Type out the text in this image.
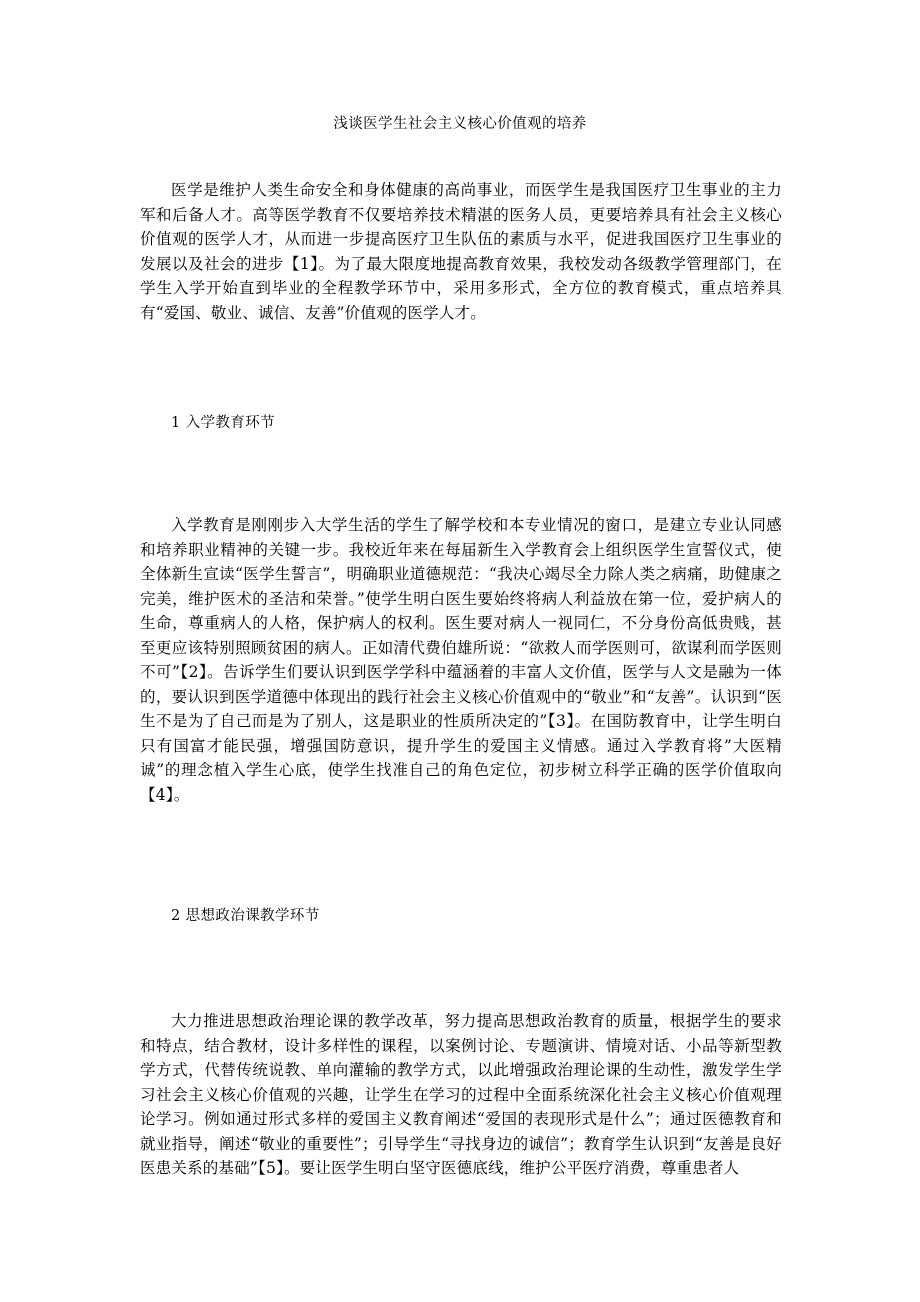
浅谈医学生社会主义核心价值观的培养

医学是维护人类生命安全和身体健康的高尚事业，而医学生是我国医疗卫生事业的主力军和后备人才。高等医学教育不仅要培养技术精湛的医务人员，更要培养具有社会主义核心价值观的医学人才，从而进一步提高医疗卫生队伍的素质与水平，促进我国医疗卫生事业的发展以及社会的进步【1】。为了最大限度地提高教育效果，我校发动各级教学管理部门，在学生入学开始直到毕业的全程教学环节中，采用多形式，全方位的教育模式，重点培养具有“爱国、敬业、诚信、友善”价值观的医学人才。

1 入学教育环节

入学教育是刚刚步入大学生活的学生了解学校和本专业情况的窗口，是建立专业认同感和培养职业精神的关键一步。我校近年来在每届新生入学教育会上组织医学生宣誓仪式，使全体新生宣读“医学生誓言”，明确职业道德规范：“我决心竭尽全力除人类之病痛，助健康之完美，维护医术的圣洁和荣誉。”使学生明白医生要始终将病人利益放在第一位，爱护病人的生命，尊重病人的人格，保护病人的权利。医生要对病人一视同仁，不分身份高低贵贱，甚至更应该特别照顾贫困的病人。正如清代费伯雄所说：“欲救人而学医则可，欲谋利而学医则不可”【2】。告诉学生们要认识到医学学科中蕴涵着的丰富人文价值，医学与人文是融为一体的，要认识到医学道德中体现出的践行社会主义核心价值观中的“敬业”和“友善”。认识到“医生不是为了自己而是为了别人，这是职业的性质所决定的”【3】。在国防教育中，让学生明白只有国富才能民强，增强国防意识，提升学生的爱国主义情感。通过入学教育将”大医精诚”的理念植入学生心底，使学生找准自己的角色定位，初步树立科学正确的医学价值取向【4】。

2 思想政治课教学环节

大力推进思想政治理论课的教学改革，努力提高思想政治教育的质量，根据学生的要求和特点，结合教材，设计多样性的课程，以案例讨论、专题演讲、情境对话、小品等新型教学方式，代替传统说教、单向灌输的教学方式，以此增强政治理论课的生动性，激发学生学习社会主义核心价值观的兴趣，让学生在学习的过程中全面系统深化社会主义核心价值观理论学习。例如通过形式多样的爱国主义教育阐述“爱国的表现形式是什么”；通过医德教育和就业指导，阐述“敬业的重要性”；引导学生“寻找身边的诚信”；教育学生认识到“友善是良好医患关系的基础”【5】。要让医学生明白坚守医德底线，维护公平医疗消费，尊重患者人
